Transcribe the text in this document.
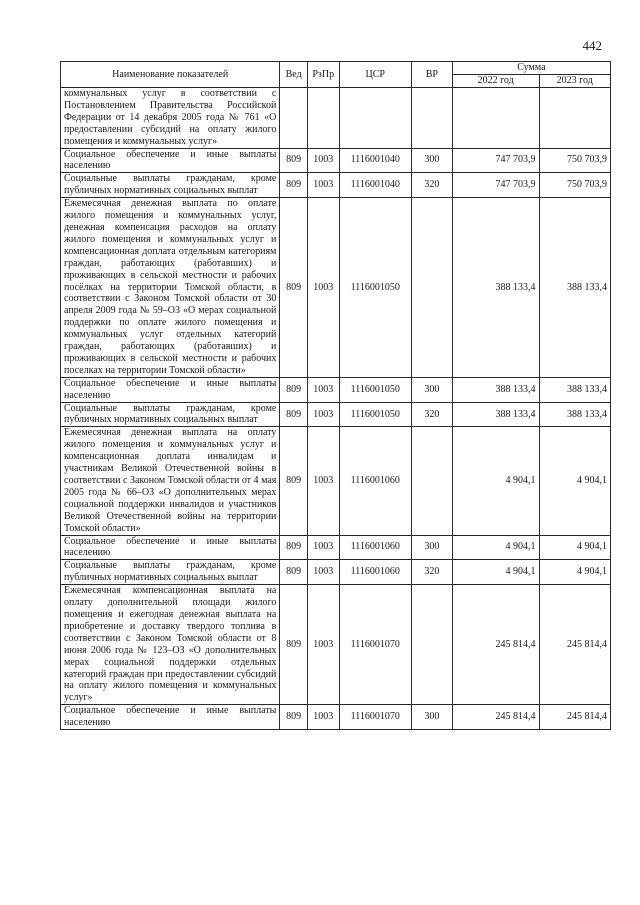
442
Наименование показателей	Вед	РзПр	ЦСР	ВР	Сумма	
					2022 год	2023 год
коммунальных услуг в соответствии с Постановлением Правительства Российской Федерации от 14 декабря 2005 года № 761 «О предоставлении субсидий на оплату жилого помещения и коммунальных услуг»						
Социальное обеспечение и иные выплаты населению	809	1003	1116001040	300	747 703,9	750 703,9
Социальные выплаты гражданам, кроме публичных нормативных социальных выплат	809	1003	1116001040	320	747 703,9	750 703,9
Ежемесячная денежная выплата по оплате жилого помещения и коммунальных услуг, денежная компенсация расходов на оплату жилого помещения и коммунальных услуг и компенсационная доплата отдельным категориям граждан, работающих (работавших) и проживающих в сельской местности и рабочих посёлках на территории Томской области, в соответствии с Законом Томской области от 30 апреля 2009 года № 59–ОЗ «О мерах социальной поддержки по оплате жилого помещения и коммунальных услуг отдельных категорий граждан, работающих (работавших) и проживающих в сельской местности и рабочих поселках на территории Томской области»	809	1003	1116001050		388 133,4	388 133,4
Социальное обеспечение и иные выплаты населению	809	1003	1116001050	300	388 133,4	388 133,4
Социальные выплаты гражданам, кроме публичных нормативных социальных выплат	809	1003	1116001050	320	388 133,4	388 133,4
Ежемесячная денежная выплата на оплату жилого помещения и коммунальных услуг и компенсационная доплата инвалидам и участникам Великой Отечественной войны в соответствии с Законом Томской области от 4 мая 2005 года № 66–ОЗ «О дополнительных мерах социальной поддержки инвалидов и участников Великой Отечественной войны на территории Томской области»	809	1003	1116001060		4 904,1	4 904,1
Социальное обеспечение и иные выплаты населению	809	1003	1116001060	300	4 904,1	4 904,1
Социальные выплаты гражданам, кроме публичных нормативных социальных выплат	809	1003	1116001060	320	4 904,1	4 904,1
Ежемесячная компенсационная выплата на оплату дополнительной площади жилого помещения и ежегодная денежная выплата на приобретение и доставку твердого топлива в соответствии с Законом Томской области от 8 июня 2006 года № 123–ОЗ «О дополнительных мерах социальной поддержки отдельных категорий граждан при предоставлении субсидий на оплату жилого помещения и коммунальных услуг»	809	1003	1116001070		245 814,4	245 814,4
Социальное обеспечение и иные выплаты населению	809	1003	1116001070	300	245 814,4	245 814,4
